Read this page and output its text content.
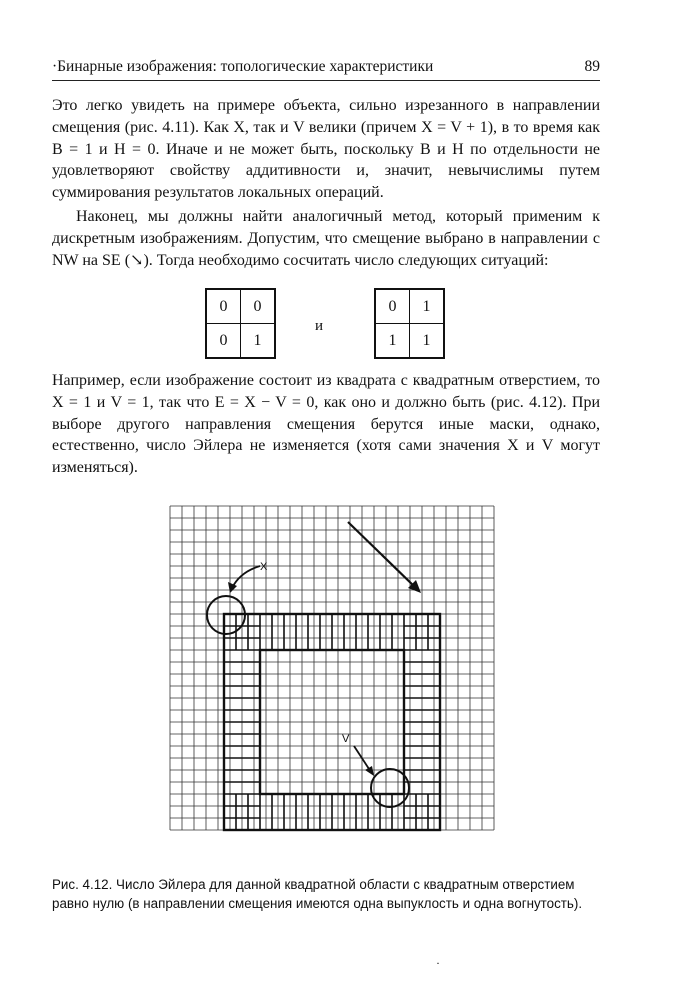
·Бинарные изображения: топологические характеристики	89

Это легко увидеть на примере объекта, сильно изрезанного в направлении смещения (рис. 4.11). Как X, так и V велики (причем X = V + 1), в то время как B = 1 и H = 0. Иначе и не может быть, поскольку B и H по отдельности не удовлетворяют свойству аддитивности и, значит, невычислимы путем суммирования результатов локальных операций.

Наконец, мы должны найти аналогичный метод, который применим к дискретным изображениям. Допустим, что смещение выбрано в направлении с NW на SE (↘). Тогда необходимо сосчитать число следующих ситуаций:

0	0
0	1
и
0	1
1	1

Например, если изображение состоит из квадрата с квадратным отверстием, то X = 1 и V = 1, так что E = X − V = 0, как оно и должно быть (рис. 4.12). При выборе другого направления смещения берутся иные маски, однако, естественно, число Эйлера не изменяется (хотя сами значения X и V могут изменяться).

X
V

Рис. 4.12. Число Эйлера для данной квадратной области с квадратным отверстием равно нулю (в направлении смещения имеются одна выпуклость и одна вогнутость).

·
